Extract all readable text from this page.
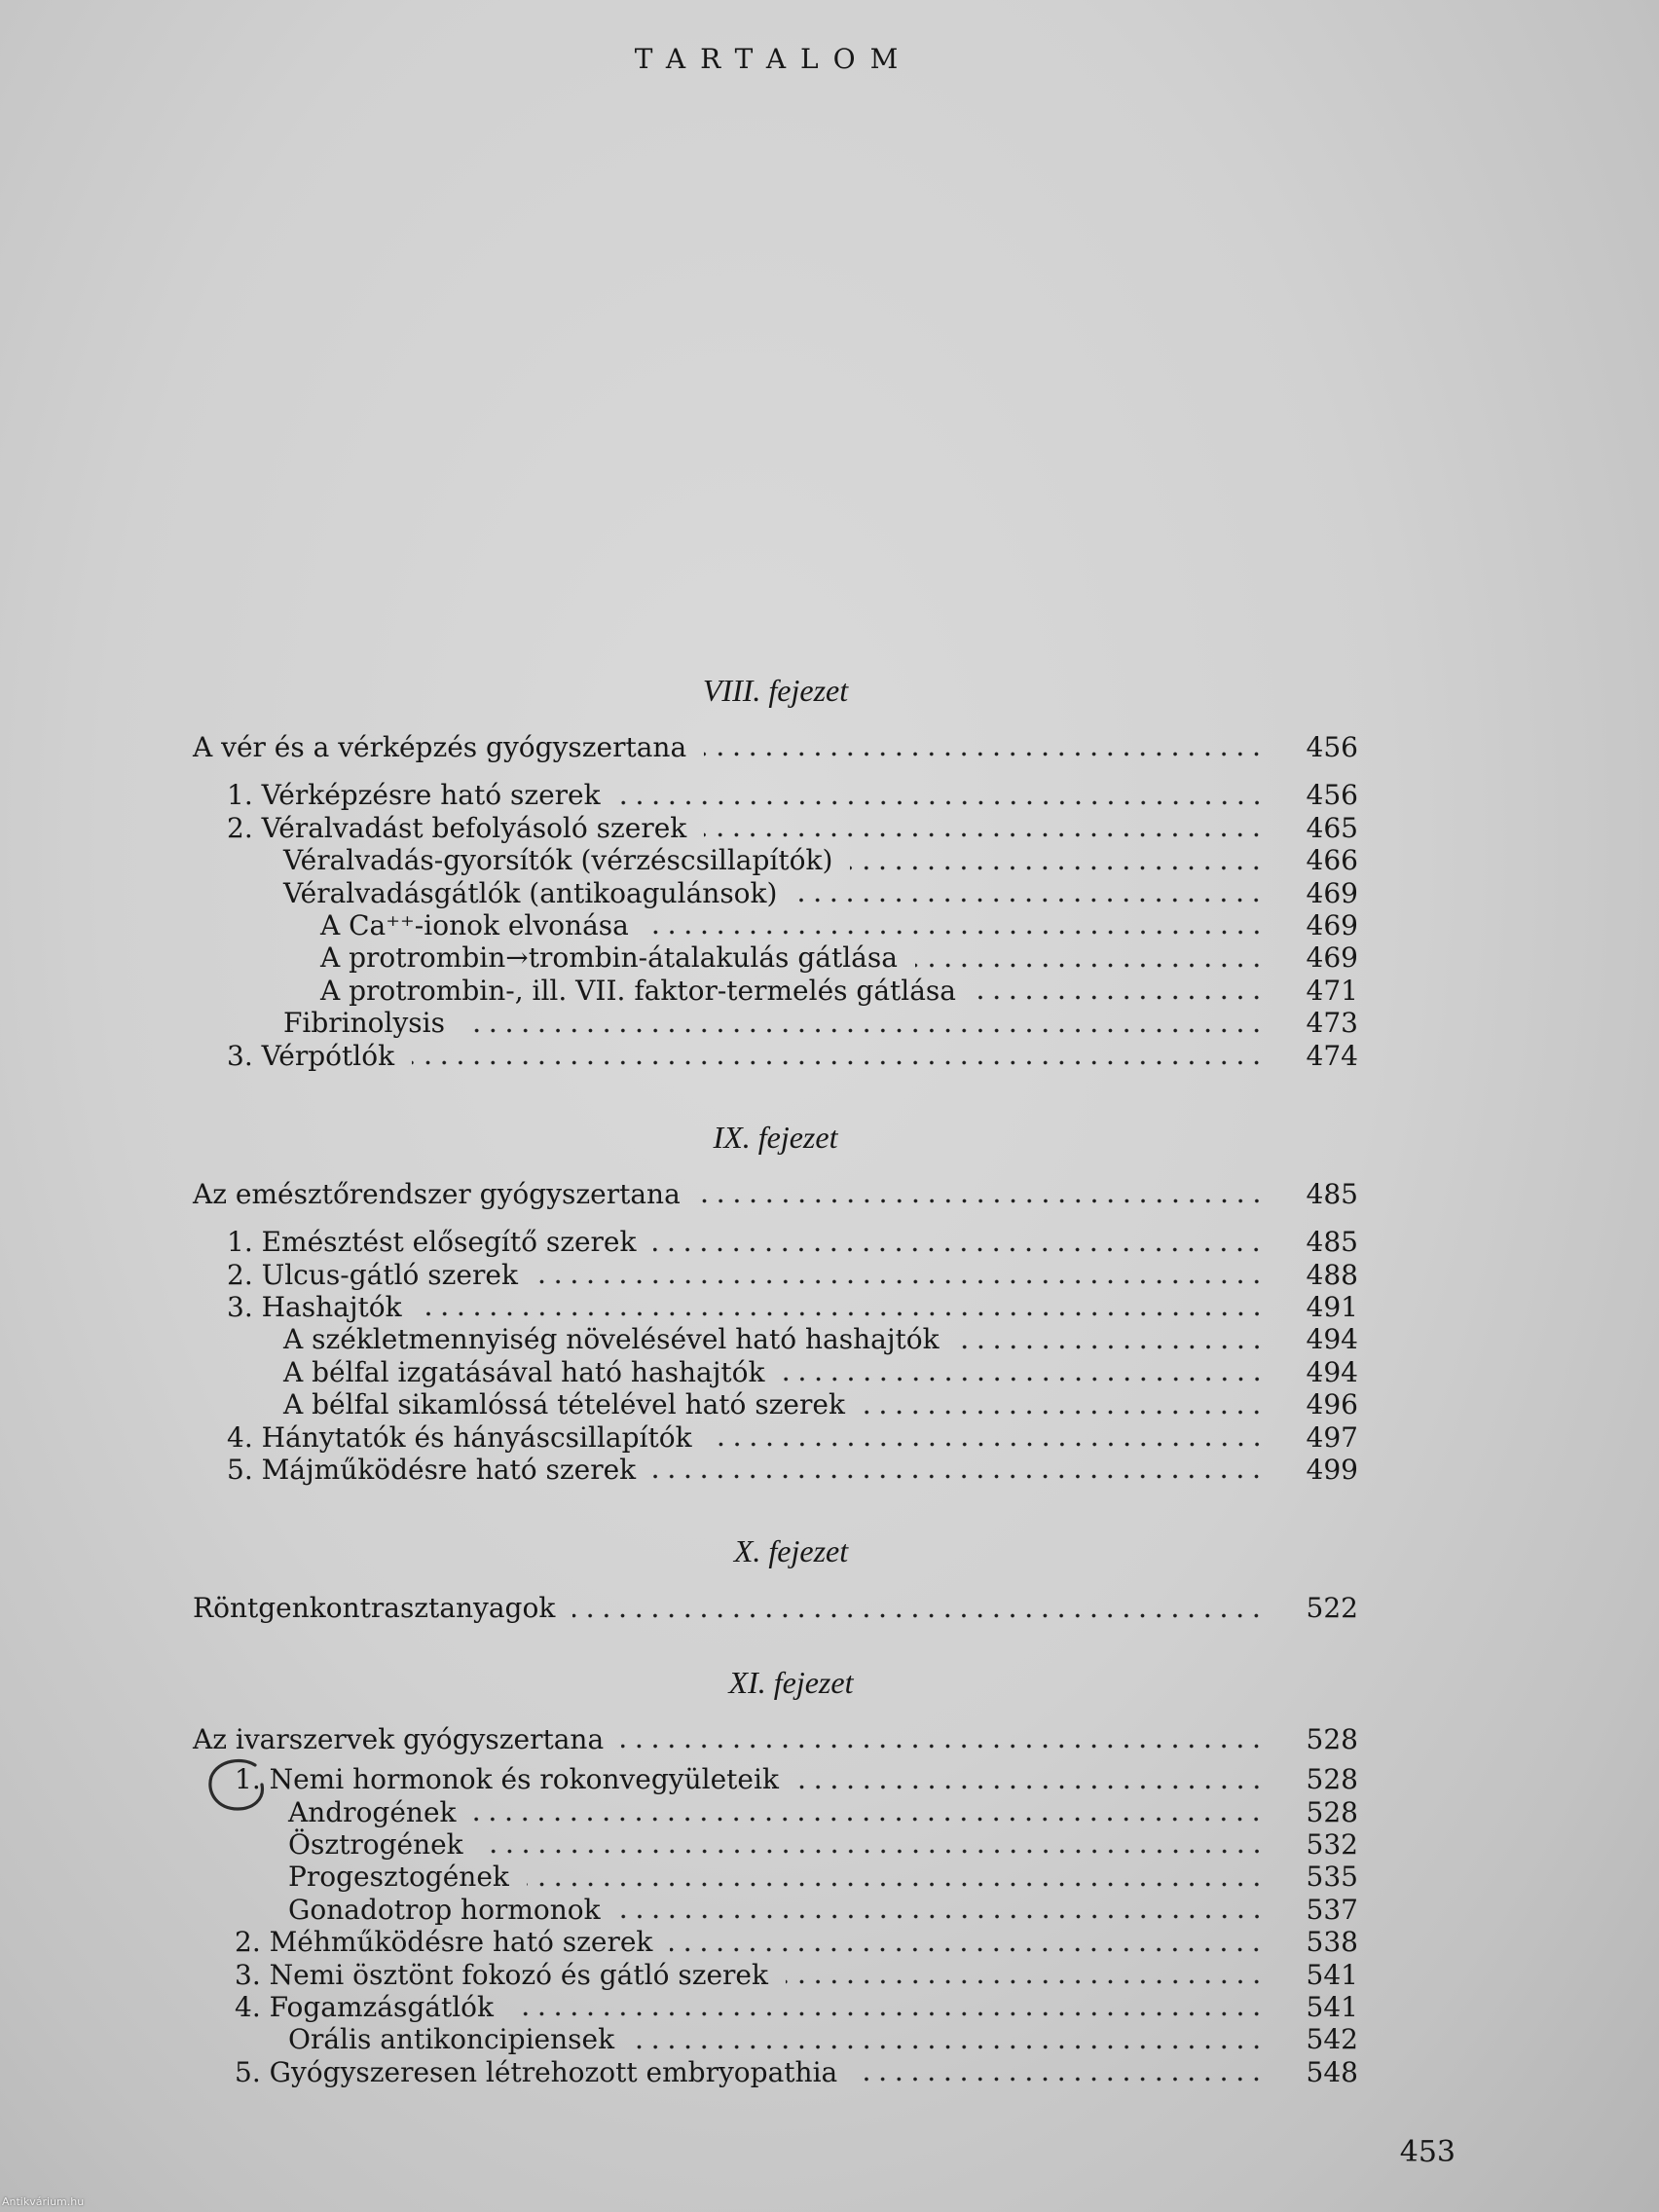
TARTALOM
VIII. fejezet
A vér és a vérképzés gyógyszertana	456
1. Vérképzésre ható szerek	456
2. Véralvadást befolyásoló szerek	465
Véralvadás-gyorsítók (vérzéscsillapítók)	466
Véralvadásgátlók (antikoagulánsok)	469
A Ca⁺⁺-ionok elvonása	469
A protrombin→trombin-átalakulás gátlása	469
A protrombin-, ill. VII. faktor-termelés gátlása	471
Fibrinolysis	473
3. Vérpótlók	474
IX. fejezet
Az emésztőrendszer gyógyszertana	485
1. Emésztést elősegítő szerek	485
2. Ulcus-gátló szerek	488
3. Hashajtók	491
A székletmennyiség növelésével ható hashajtók	494
A bélfal izgatásával ható hashajtók	494
A bélfal sikamlóssá tételével ható szerek	496
4. Hánytatók és hányáscsillapítók	497
5. Májműködésre ható szerek	499
X. fejezet
Röntgenkontrasztanyagok	522
XI. fejezet
Az ivarszervek gyógyszertana	528
1. Nemi hormonok és rokonvegyületeik	528
Androgének	528
Ösztrogének	532
Progesztogének	535
Gonadotrop hormonok	537
2. Méhműködésre ható szerek	538
3. Nemi ösztönt fokozó és gátló szerek	541
4. Fogamzásgátlók	541
Orális antikoncipiensek	542
5. Gyógyszeresen létrehozott embryopathia	548
453
Antikvárium.hu
